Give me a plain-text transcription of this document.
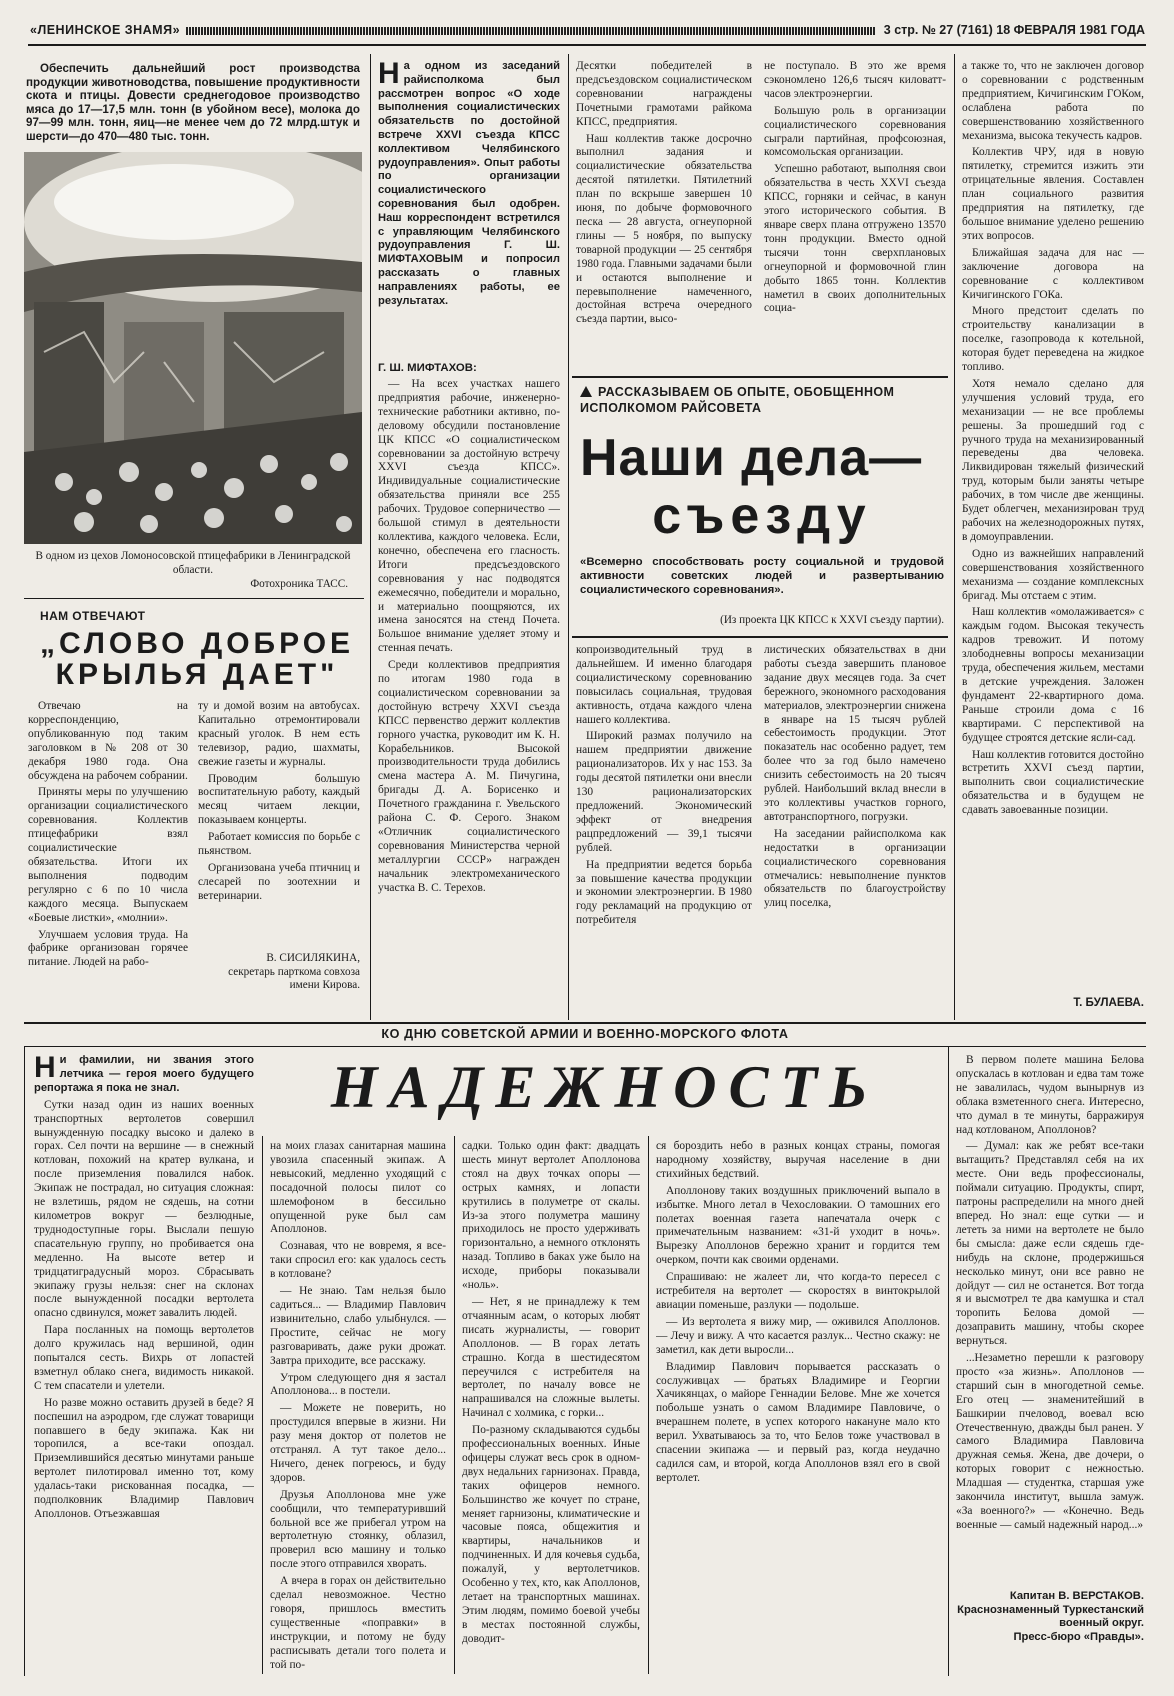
«ЛЕНИНСКОЕ ЗНАМЯ»	3 стр. № 27 (7161) 18 ФЕВРАЛЯ 1981 ГОДА
Обеспечить дальнейший рост производства продукции животноводства, повышение продуктивности скота и птицы. Довести среднегодовое производство мяса до 17—17,5 млн. тонн (в убойном весе), молока до 97—99 млн. тонн, яиц—не менее чем до 72 млрд.штук и шерсти—до 470—480 тыс. тонн.
В одном из цехов Ломоносовской птицефабрики в Ленинградской области.
Фотохроника ТАСС.
НАМ ОТВЕЧАЮТ
„СЛОВО ДОБРОЕ КРЫЛЬЯ ДАЕТ"

Отвечаю на корреспонденцию, опубликованную под таким заголовком в № 208 от 30 декабря 1980 года. Она обсуждена на рабочем собрании.

Приняты меры по улучшению организации социалистического соревнования. Коллектив птицефабрики взял социалистические обязательства. Итоги их выполнения подводим регулярно с 6 по 10 числа каждого месяца. Выпускаем «Боевые листки», «молнии».

Улучшаем условия труда. На фабрике организован горячее питание. Людей на рабо-

ту и домой возим на автобусах. Капитально отремонтировали красный уголок. В нем есть телевизор, радио, шахматы, свежие газеты и журналы.

Проводим большую воспитательную работу, каждый месяц читаем лекции, показываем концерты.

Работает комиссия по борьбе с пьянством.

Организована учеба птичниц и слесарей по зоотехнии и ветеринарии.

В. СИСИЛЯКИНА,
секретарь парткома совхоза имени Кирова.
На одном из заседаний райисполкома был рассмотрен вопрос «О ходе выполнения социалистических обязательств по достойной встрече XXVI съезда КПСС коллективом Челябинского рудоуправления». Опыт работы по организации социалистического соревнования был одобрен. Наш корреспондент встретился с управляющим Челябинского рудоуправления Г. Ш. МИФТАХОВЫМ и попросил рассказать о главных направлениях работы, ее результатах.
Г. Ш. МИФТАХОВ:

— На всех участках нашего предприятия рабочие, инженерно-технические работники активно, по-деловому обсудили постановление ЦК КПСС «О социалистическом соревновании за достойную встречу XXVI съезда КПСС». Индивидуальные социалистические обязательства приняли все 255 рабочих. Трудовое соперничество — большой стимул в деятельности коллектива, каждого человека. Если, конечно, обеспечена его гласность. Итоги предсъездовского соревнования у нас подводятся ежемесячно, победители и морально, и материально поощряются, их имена заносятся на стенд Почета. Большое внимание уделяет этому и стенная печать.

Среди коллективов предприятия по итогам 1980 года в социалистическом соревновании за достойную встречу XXVI съезда КПСС первенство держит коллектив горного участка, руководит им К. Н. Корабельников. Высокой производительности труда добились смена мастера А. М. Пичугина, бригады Д. А. Борисенко и Почетного гражданина г. Увельского района С. Ф. Серого. Знаком «Отличник социалистического соревнования Министерства черной металлургии СССР» награжден начальник электромеханического участка В. С. Терехов.

Десятки победителей в предсъездовском социалистическом соревновании награждены Почетными грамотами райкома КПСС, предприятия.

Наш коллектив также досрочно выполнил задания и социалистические обязательства десятой пятилетки. Пятилетний план по вскрыше завершен 10 июня, по добыче формовочного песка — 28 августа, огнеупорной глины — 5 ноября, по выпуску товарной продукции — 25 сентября 1980 года. Главными задачами были и остаются выполнение и перевыполнение намеченного, достойная встреча очередного съезда партии, высо-

не поступало. В это же время сэкономлено 126,6 тысяч киловатт-часов электроэнергии.

Большую роль в организации социалистического соревнования сыграли партийная, профсоюзная, комсомольская организации.

Успешно работают, выполняя свои обязательства в честь XXVI съезда КПСС, горняки и сейчас, в канун этого исторического события. В январе сверх плана отгружено 13570 тонн продукции. Вместо одной тысячи тонн сверхплановых огнеупорной и формовочной глин добыто 1865 тонн. Коллектив наметил в своих дополнительных социа-

РАССКАЗЫВАЕМ ОБ ОПЫТЕ, ОБОБЩЕННОМ ИСПОЛКОМОМ РАЙСОВЕТА
Наши дела—
съезду
«Всемерно способствовать росту социальной и трудовой активности советских людей и развертыванию социалистического соревнования».
(Из проекта ЦК КПСС к XXVI съезду партии).

копроизводительный труд в дальнейшем. И именно благодаря социалистическому соревнованию повысилась социальная, трудовая активность, отдача каждого члена нашего коллектива.

Широкий размах получило на нашем предприятии движение рационализаторов. Их у нас 153. За годы десятой пятилетки они внесли 130 рационализаторских предложений. Экономический эффект от внедрения рацпредложений — 39,1 тысячи рублей.

На предприятии ведется борьба за повышение качества продукции и экономии электроэнергии. В 1980 году рекламаций на продукцию от потребителя

листических обязательствах в дни работы съезда завершить плановое задание двух месяцев года. За счет бережного, экономного расходования материалов, электроэнергии снижена в январе на 15 тысяч рублей себестоимость продукции. Этот показатель нас особенно радует, тем более что за год было намечено снизить себестоимость на 20 тысяч рублей. Наибольший вклад внесли в это коллективы участков горного, автотранспортного, погрузки.

На заседании райисполкома как недостатки в организации социалистического соревнования отмечались: невыполнение пунктов обязательств по благоустройству улиц поселка,

а также то, что не заключен договор о соревновании с родственным предприятием, Кичигинским ГОКом, ослаблена работа по совершенствованию хозяйственного механизма, высока текучесть кадров.

Коллектив ЧРУ, идя в новую пятилетку, стремится изжить эти отрицательные явления. Составлен план социального развития предприятия на пятилетку, где большое внимание уделено решению этих вопросов.

Ближайшая задача для нас — заключение договора на соревнование с коллективом Кичигинского ГОКа.

Много предстоит сделать по строительству канализации в поселке, газопровода к котельной, которая будет переведена на жидкое топливо.

Хотя немало сделано для улучшения условий труда, его механизации — не все проблемы решены. За прошедший год с ручного труда на механизированный переведены два человека. Ликвидирован тяжелый физический труд, которым были заняты четыре рабочих, в том числе две женщины. Будет облегчен, механизирован труд рабочих на железнодорожных путях, в домоуправлении.

Одно из важнейших направлений совершенствования хозяйственного механизма — создание комплексных бригад. Мы отстаем с этим.

Наш коллектив «омолаживается» с каждым годом. Высокая текучесть кадров тревожит. И потому злободневны вопросы механизации труда, обеспечения жильем, местами в детские учреждения. Заложен фундамент 22-квартирного дома. Раньше строили дома с 16 квартирами. С перспективой на будущее строятся детские ясли-сад.

Наш коллектив готовится достойно встретить XXVI съезд партии, выполнить свои социалистические обязательства и в будущем не сдавать завоеванные позиции.

Т. БУЛАЕВА.
КО ДНЮ СОВЕТСКОЙ АРМИИ И ВОЕННО-МОРСКОГО ФЛОТА

Ни фамилии, ни звания этого летчика — героя моего будущего репортажа я пока не знал.

Сутки назад один из наших военных транспортных вертолетов совершил вынужденную посадку высоко и далеко в горах. Сел почти на вершине — в снежный котлован, похожий на кратер вулкана, и после приземления повалился набок. Экипаж не пострадал, но ситуация сложная: не взлетишь, рядом не сядешь, на сотни километров вокруг — безлюдные, труднодоступные горы. Выслали пешую спасательную группу, но пробивается она медленно. На высоте ветер и тридцатиградусный мороз. Сбрасывать экипажу грузы нельзя: снег на склонах после вынужденной посадки вертолета опасно сдвинулся, может завалить людей.

Пара посланных на помощь вертолетов долго кружилась над вершиной, один попытался сесть. Вихрь от лопастей взметнул облако снега, видимость никакой. С тем спасатели и улетели.

Но разве можно оставить друзей в беде? Я поспешил на аэродром, где служат товарищи попавшего в беду экипажа. Как ни торопился, а все-таки опоздал. Приземлившийся десятью минутами раньше вертолет пилотировал именно тот, кому удалась-таки рискованная посадка, — подполковник Владимир Павлович Аполлонов. Отъезжавшая

НАДЕЖНОСТЬ

на моих глазах санитарная машина увозила спасенный экипаж. А невысокий, медленно уходящий с посадочной полосы пилот со шлемофоном в бессильно опущенной руке был сам Аполлонов.

Сознавая, что не вовремя, я все-таки спросил его: как удалось сесть в котловане?

— Не знаю. Там нельзя было садиться... — Владимир Павлович извинительно, слабо улыбнулся. — Простите, сейчас не могу разговаривать, даже руки дрожат. Завтра приходите, все расскажу.

Утром следующего дня я застал Аполлонова... в постели.

— Можете не поверить, но простудился впервые в жизни. Ни разу меня доктор от полетов не отстранял. А тут такое дело... Ничего, денек погреюсь, и буду здоров.

Друзья Аполлонова мне уже сообщили, что температуривший больной все же прибегал утром на вертолетную стоянку, облазил, проверил всю машину и только после этого отправился хворать.

А вчера в горах он действительно сделал невозможное. Честно говоря, пришлось вместить существенные «поправки» в инструкции, и потому не буду расписывать детали того полета и той по-

садки. Только один факт: двадцать шесть минут вертолет Аполлонова стоял на двух точках опоры — острых камнях, и лопасти крутились в полуметре от скалы. Из-за этого полуметра машину приходилось не просто удерживать горизонтально, а немного отклонять назад. Топливо в баках уже было на исходе, приборы показывали «ноль».

— Нет, я не принадлежу к тем отчаянным асам, о которых любят писать журналисты, — говорит Аполлонов. — В горах летать страшно. Когда в шестидесятом переучился с истребителя на вертолет, по началу вовсе не напрашивался на сложные вылеты. Начинал с холмика, с горки...

По-разному складываются судьбы профессиональных военных. Иные офицеры служат весь срок в одном-двух недальних гарнизонах. Правда, таких офицеров немного. Большинство же кочует по стране, меняет гарнизоны, климатические и часовые пояса, общежития и квартиры, начальников и подчиненных. И для кочевья судьба, пожалуй, у вертолетчиков. Особенно у тех, кто, как Аполлонов, летает на транспортных машинах. Этим людям, помимо боевой учебы в местах постоянной службы, доводит-

ся бороздить небо в разных концах страны, помогая народному хозяйству, выручая население в дни стихийных бедствий.

Аполлонову таких воздушных приключений выпало в избытке. Много летал в Чехословакии. О тамошних его полетах военная газета напечатала очерк с примечательным названием: «31-й уходит в ночь». Вырезку Аполлонов бережно хранит и гордится тем очерком, почти как своими орденами.

Спрашиваю: не жалеет ли, что когда-то пересел с истребителя на вертолет — скоростях в винтокрылой авиации поменьше, разлуки — подольше.

— Из вертолета я вижу мир, — оживился Аполлонов. — Лечу и вижу. А что касается разлук... Честно скажу: не заметил, как дети выросли...

Владимир Павлович порывается рассказать о сослуживцах — братьях Владимире и Георгии Хачикянцах, о майоре Геннадии Белове. Мне же хочется побольше узнать о самом Владимире Павловиче, о вчерашнем полете, в успех которого накануне мало кто верил. Ухватываюсь за то, что Белов тоже участвовал в спасении экипажа — и первый раз, когда неудачно садился сам, и второй, когда Аполлонов взял его в свой вертолет.

В первом полете машина Белова опускалась в котлован и едва там тоже не завалилась, чудом вынырнув из облака взметенного снега. Интересно, что думал в те минуты, барражируя над котлованом, Аполлонов?

— Думал: как же ребят все-таки вытащить? Представлял себя на их месте. Они ведь профессионалы, поймали ситуацию. Продукты, спирт, патроны распределили на много дней вперед. Но знал: еще сутки — и лететь за ними на вертолете не было бы смысла: даже если сядешь где-нибудь на склоне, продержишься несколько минут, они все равно не дойдут — сил не останется. Вот тогда я и высмотрел те два камушка и стал торопить Белова домой — дозаправить машину, чтобы скорее вернуться.

...Незаметно перешли к разговору просто «за жизнь». Аполлонов — старший сын в многодетной семье. Его отец — знаменитейший в Башкирии пчеловод, воевал всю Отечественную, дважды был ранен. У самого Владимира Павловича дружная семья. Жена, две дочери, о которых говорит с нежностью. Младшая — студентка, старшая уже закончила институт, вышла замуж. «За военного?» — «Конечно. Ведь военные — самый надежный народ...»

Капитан В. ВЕРСТАКОВ.
Краснознаменный Туркестанский военный округ.
Пресс-бюро «Правды».
